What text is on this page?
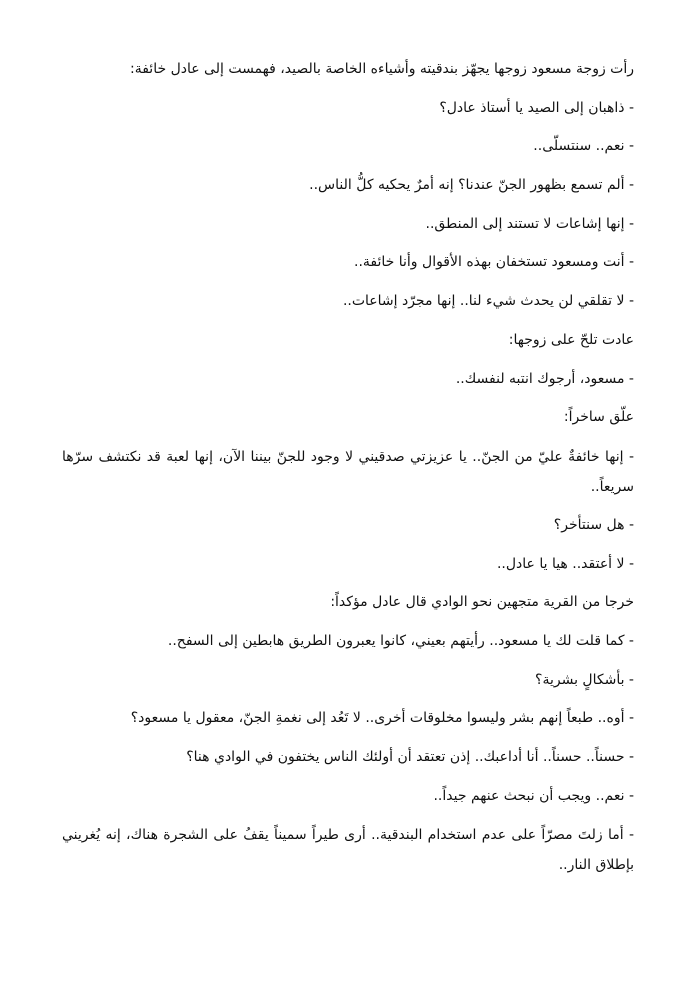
رأت زوجة مسعود زوجها يجهّز بندقيته وأشياءه الخاصة بالصيد، فهمست إلى عادل خائفة:

- ذاهبان إلى الصيد يا أستاذ عادل؟

- نعم.. سنتسلّى..

- ألم تسمع بظهور الجنّ عندنا؟ إنه أمرٌ يحكيه كلُّ الناس..

- إنها إشاعات لا تستند إلى المنطق..

- أنت ومسعود تستخفان بهذه الأقوال وأنا خائفة..

- لا تقلقي لن يحدث شيء لنا.. إنها مجرّد إشاعات..

عادت تلحّ على زوجها:

- مسعود، أرجوك انتبه لنفسك..

علّق ساخراً:

- إنها خائفةٌ عليّ من الجنّ.. يا عزيزتي صدقيني لا وجود للجنّ بيننا الآن، إنها لعبة قد نكتشف سرّها سريعاً..

- هل سنتأخر؟

- لا أعتقد.. هيا يا عادل..

خرجا من القرية متجهين نحو الوادي قال عادل مؤكداً:

- كما قلت لك يا مسعود.. رأيتهم بعيني، كانوا يعبرون الطريق هابطين إلى السفح..

- بأشكالٍ بشرية؟

- أوه.. طبعاً إنهم بشر وليسوا مخلوقات أخرى.. لا تَعُد إلى نغمةِ الجنّ، معقول يا مسعود؟

- حسناً.. حسناً.. أنا أداعبك.. إذن تعتقد أن أولئك الناس يختفون في الوادي هنا؟

- نعم.. ويجب أن نبحث عنهم جيداً..

- أما زلتَ مصرّاً على عدم استخدام البندقية.. أرى طيراً سميناً يقفُ على الشجرة هناك، إنه يُغريني بإطلاق النار..
